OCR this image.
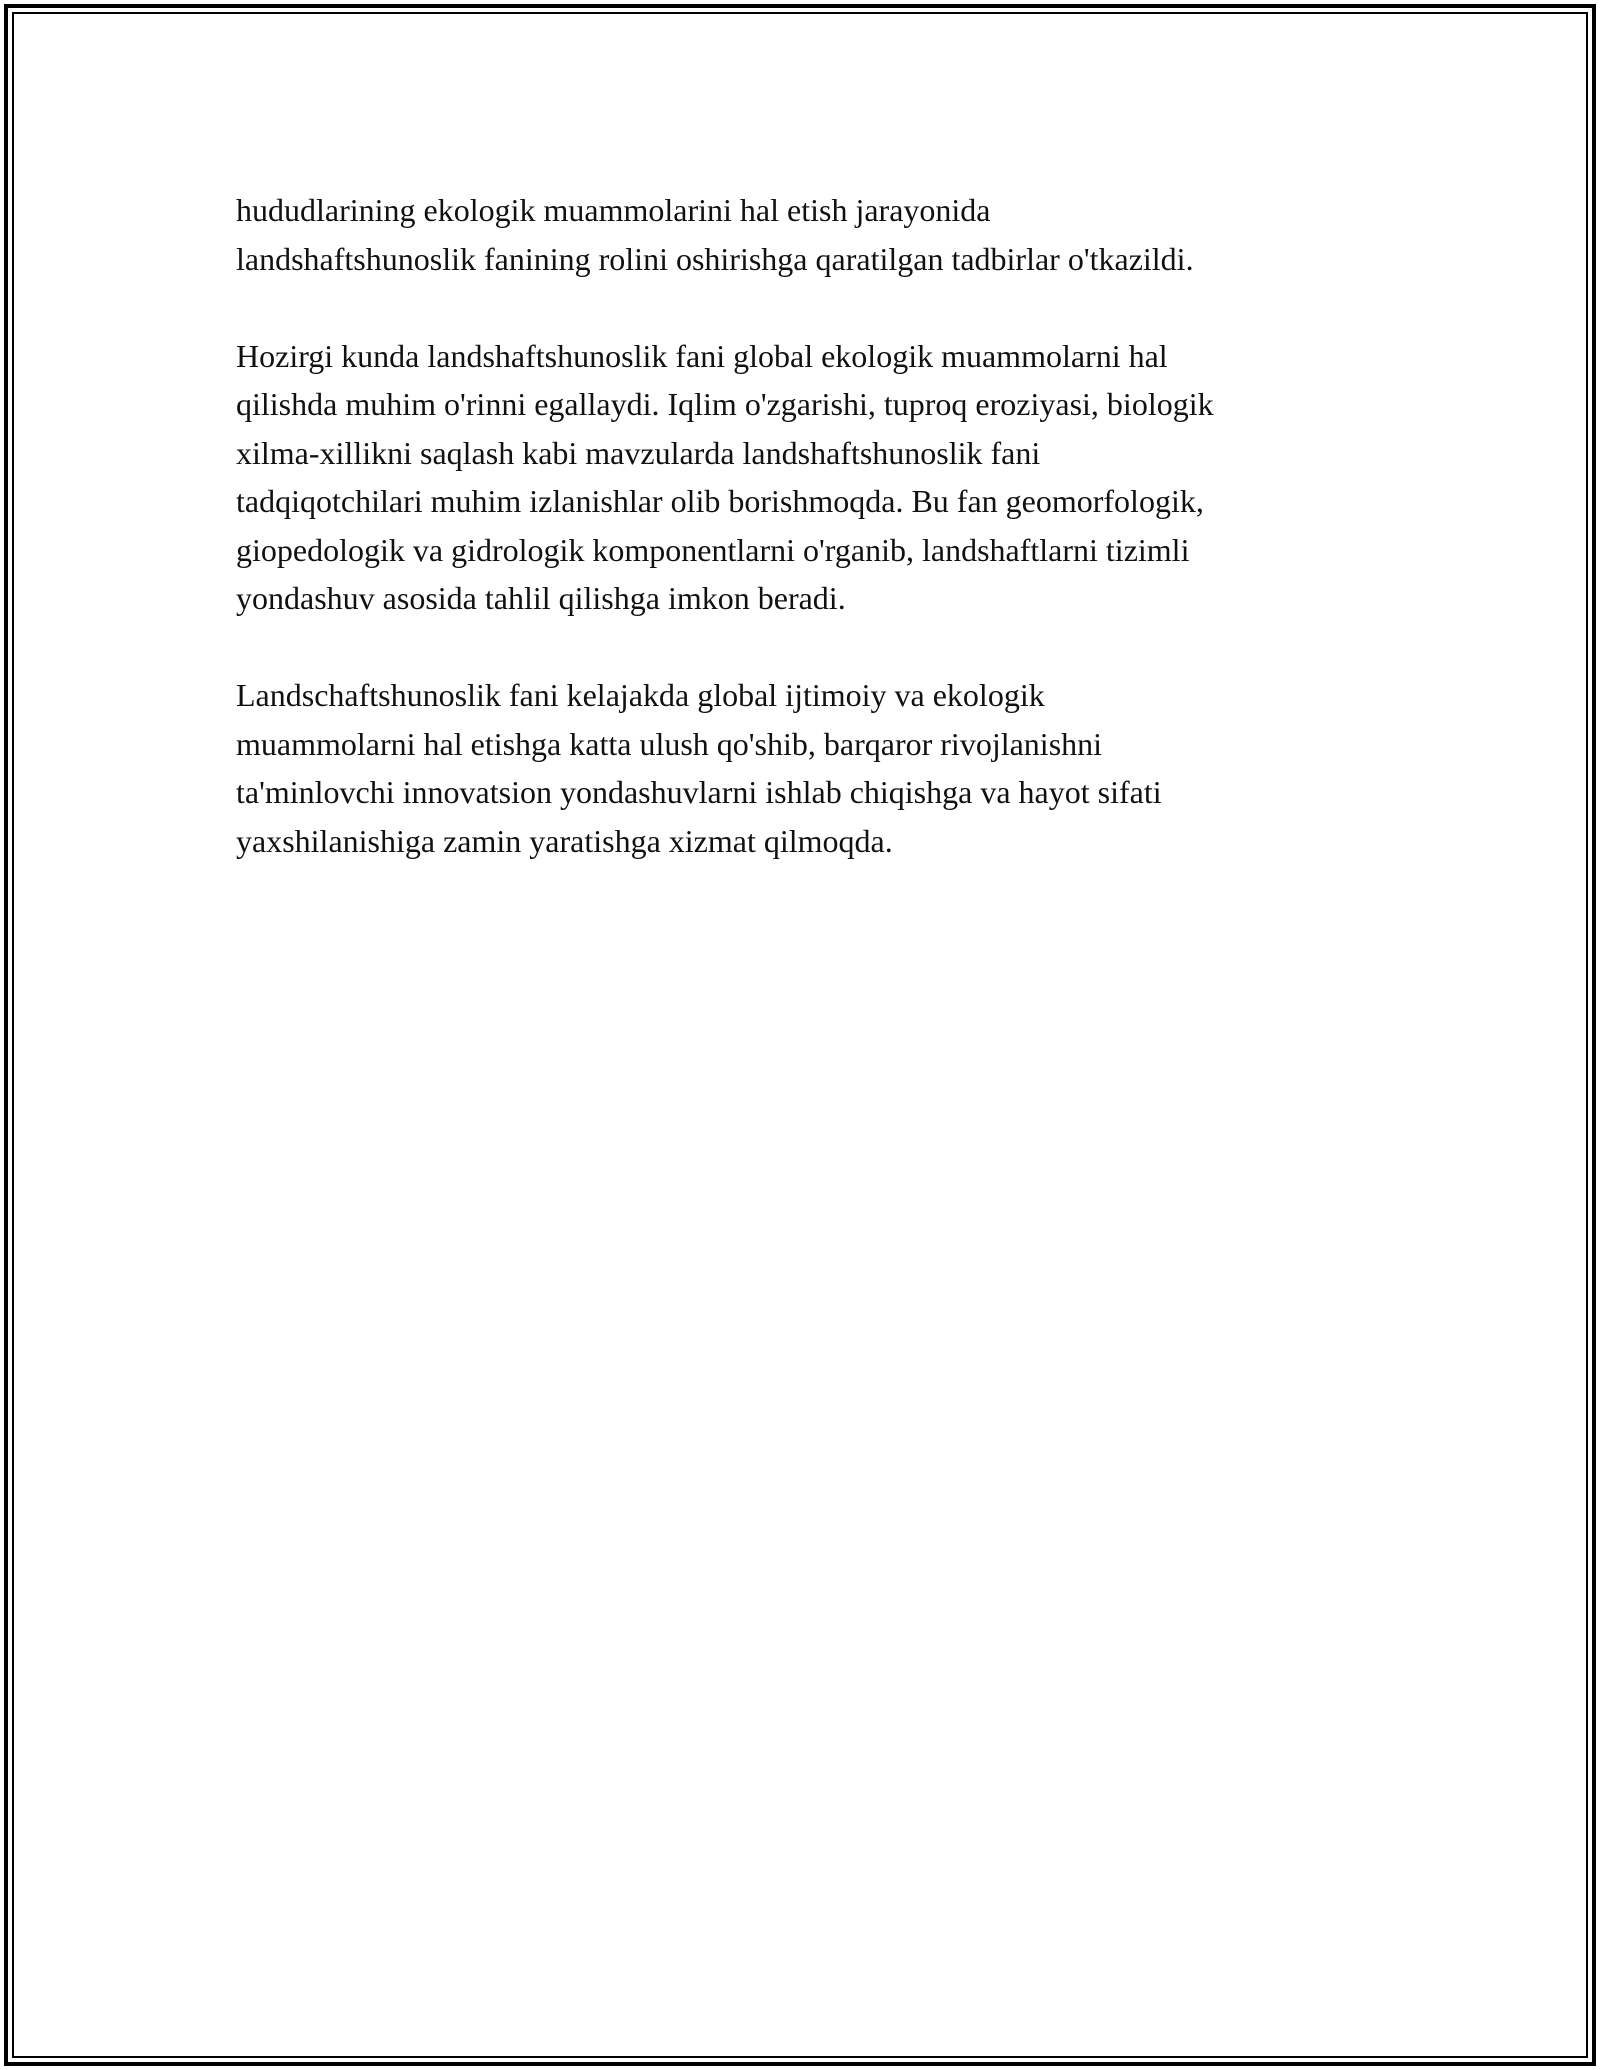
hududlarining ekologik muammolarini hal etish jarayonida
landshaftshunoslik fanining rolini oshirishga qaratilgan tadbirlar o'tkazildi.

Hozirgi kunda landshaftshunoslik fani global ekologik muammolarni hal
qilishda muhim o'rinni egallaydi. Iqlim o'zgarishi, tuproq eroziyasi, biologik
xilma-xillikni saqlash kabi mavzularda landshaftshunoslik fani
tadqiqotchilari muhim izlanishlar olib borishmoqda. Bu fan geomorfologik,
giopedologik va gidrologik komponentlarni o'rganib, landshaftlarni tizimli
yondashuv asosida tahlil qilishga imkon beradi.

Landschaftshunoslik fani kelajakda global ijtimoiy va ekologik
muammolarni hal etishga katta ulush qo'shib, barqaror rivojlanishni
ta'minlovchi innovatsion yondashuvlarni ishlab chiqishga va hayot sifati
yaxshilanishiga zamin yaratishga xizmat qilmoqda.
